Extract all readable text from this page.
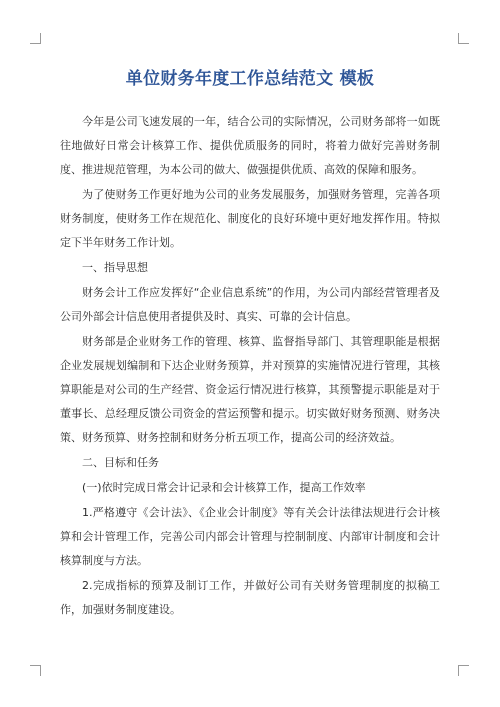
单位财务年度工作总结范文 模板

今年是公司飞速发展的一年，结合公司的实际情况，公司财务部将一如既往地做好日常会计核算工作、提供优质服务的同时，将着力做好完善财务制度、推进规范管理，为本公司的做大、做强提供优质、高效的保障和服务。

为了使财务工作更好地为公司的业务发展服务，加强财务管理，完善各项财务制度，使财务工作在规范化、制度化的良好环境中更好地发挥作用。特拟定下半年财务工作计划。

一、指导思想

财务会计工作应发挥好“企业信息系统”的作用，为公司内部经营管理者及公司外部会计信息使用者提供及时、真实、可靠的会计信息。

财务部是企业财务工作的管理、核算、监督指导部门、其管理职能是根据企业发展规划编制和下达企业财务预算，并对预算的实施情况进行管理，其核算职能是对公司的生产经营、资金运行情况进行核算，其预警提示职能是对于董事长、总经理反馈公司资金的营运预警和提示。切实做好财务预测、财务决策、财务预算、财务控制和财务分析五项工作，提高公司的经济效益。

二、目标和任务

(一)依时完成日常会计记录和会计核算工作，提高工作效率

1.严格遵守《会计法》、《企业会计制度》等有关会计法律法规进行会计核算和会计管理工作，完善公司内部会计管理与控制制度、内部审计制度和会计核算制度与方法。

2.完成指标的预算及制订工作，并做好公司有关财务管理制度的拟稿工作，加强财务制度建设。
